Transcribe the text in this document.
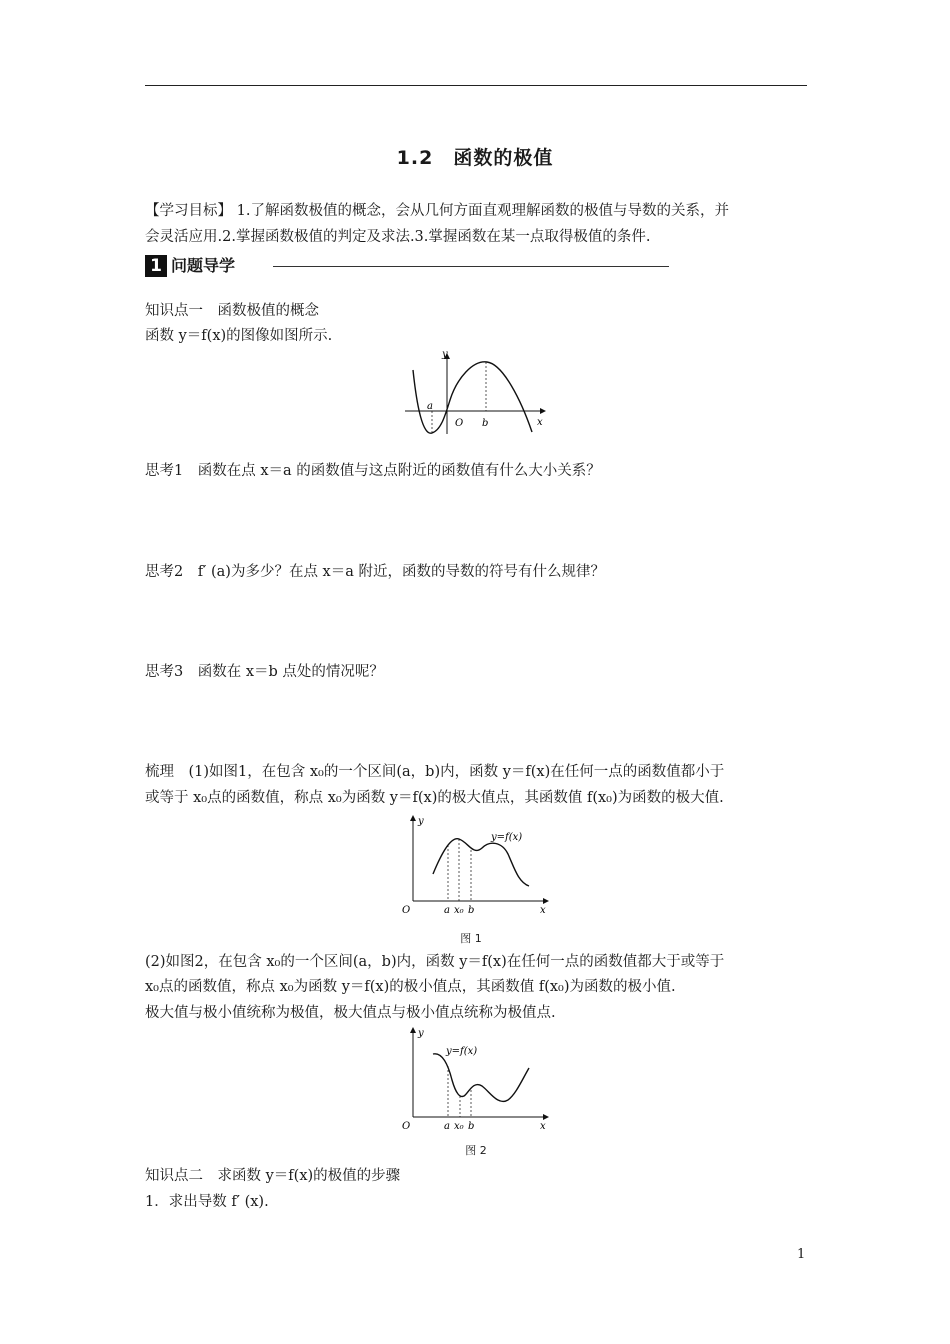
1.2　函数的极值
【学习目标】 1.了解函数极值的概念，会从几何方面直观理解函数的极值与导数的关系，并
会灵活应用.2.掌握函数极值的判定及求法.3.掌握函数在某一点取得极值的条件.
1 问题导学
知识点一　函数极值的概念
函数 y＝f(x)的图像如图所示.
y
x
a
O b
思考1　函数在点 x＝a 的函数值与这点附近的函数值有什么大小关系？
思考2　f′ (a)为多少？在点 x＝a 附近，函数的导数的符号有什么规律？
思考3　函数在 x＝b 点处的情况呢？
梳理　(1)如图1，在包含 x₀的一个区间(a，b)内，函数 y＝f(x)在任何一点的函数值都小于
或等于 x₀点的函数值，称点 x₀为函数 y＝f(x)的极大值点，其函数值 f(x₀)为函数的极大值.
y
x
O	a x₀ b
y=f(x)
图 1
(2)如图2，在包含 x₀的一个区间(a，b)内，函数 y＝f(x)在任何一点的函数值都大于或等于
x₀点的函数值，称点 x₀为函数 y＝f(x)的极小值点，其函数值 f(x₀)为函数的极小值.
极大值与极小值统称为极值，极大值点与极小值点统称为极值点.
y
x
O	a x₀ b
y=f(x)
图 2
知识点二　求函数 y＝f(x)的极值的步骤
1．求出导数 f′ (x).
1
